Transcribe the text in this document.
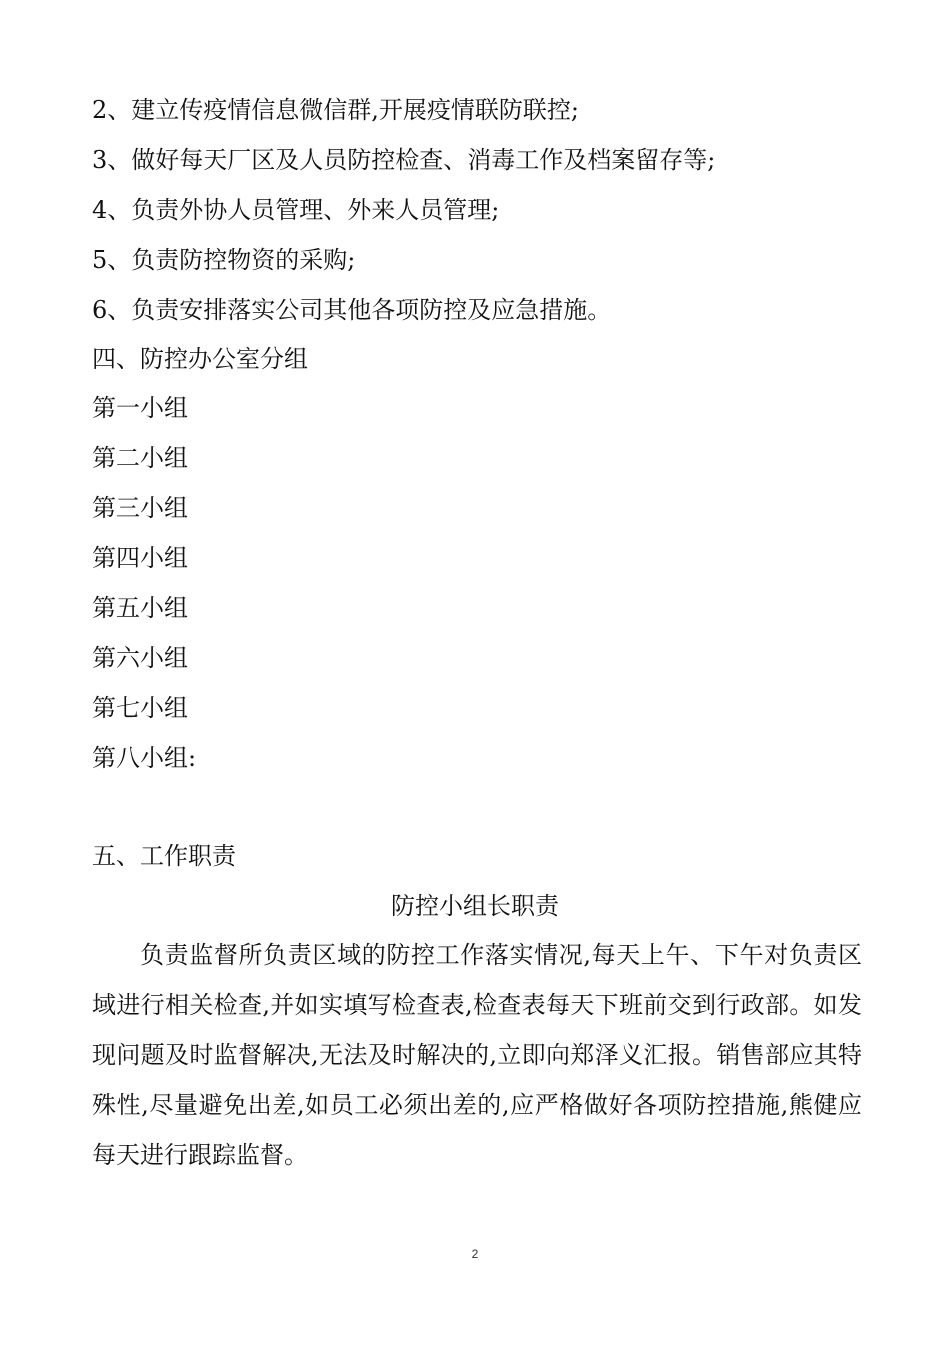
2、建立传疫情信息微信群,开展疫情联防联控;
3、做好每天厂区及人员防控检查、消毒工作及档案留存等;
4、负责外协人员管理、外来人员管理;
5、负责防控物资的采购;
6、负责安排落实公司其他各项防控及应急措施。
四、防控办公室分组
第一小组
第二小组
第三小组
第四小组
第五小组
第六小组
第七小组
第八小组:
五、工作职责
防控小组长职责
负责监督所负责区域的防控工作落实情况,每天上午、下午对负责区域进行相关检查,并如实填写检查表,检查表每天下班前交到行政部。如发现问题及时监督解决,无法及时解决的,立即向郑泽义汇报。销售部应其特殊性,尽量避免出差,如员工必须出差的,应严格做好各项防控措施,熊健应每天进行跟踪监督。
2
